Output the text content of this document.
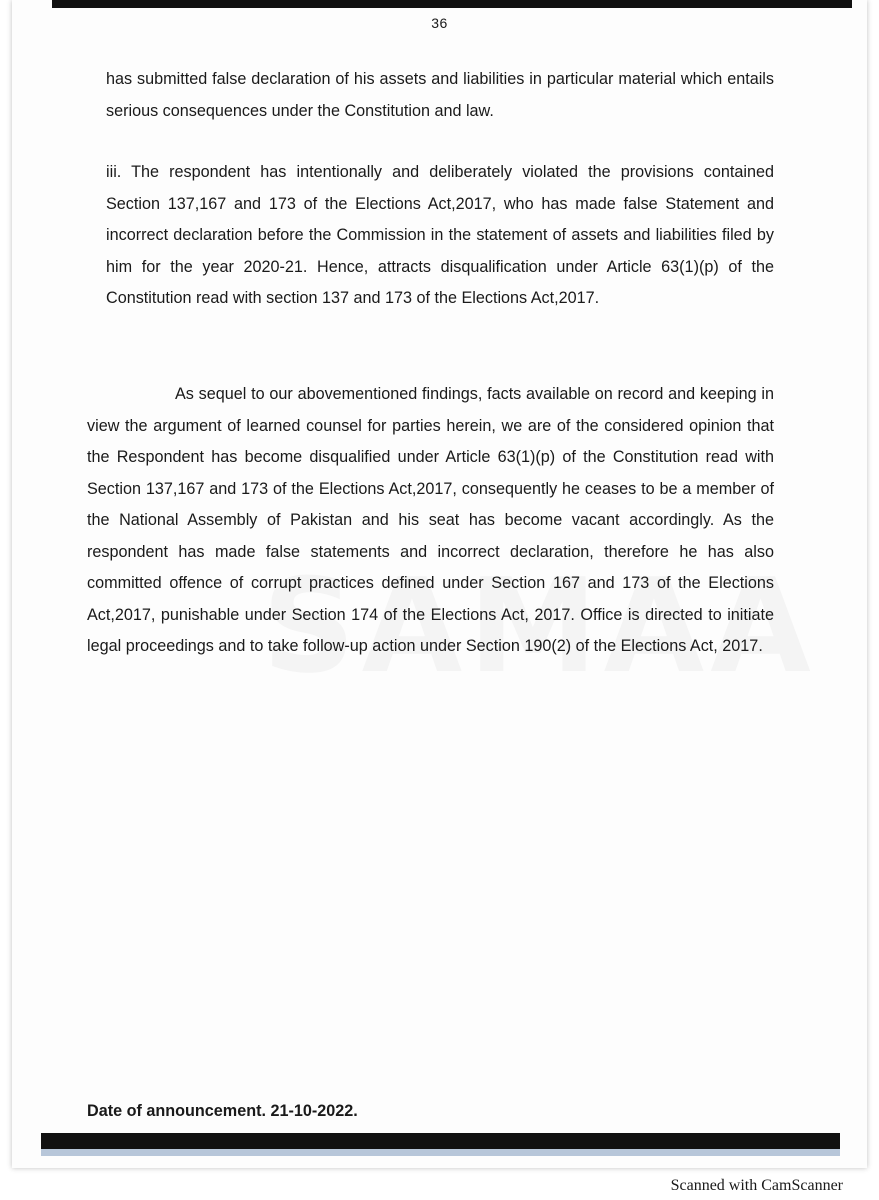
36

has submitted false declaration of his assets and liabilities in particular material which entails serious consequences under the Constitution and law.

iii. The respondent has intentionally and deliberately violated the provisions contained Section 137,167 and 173 of the Elections Act,2017, who has made false Statement and incorrect declaration before the Commission in the statement of assets and liabilities filed by him for the year 2020-21. Hence, attracts disqualification under Article 63(1)(p) of the Constitution read with section 137 and 173 of the Elections Act,2017.

As sequel to our abovementioned findings, facts available on record and keeping in view the argument of learned counsel for parties herein, we are of the considered opinion that the Respondent has become disqualified under Article 63(1)(p) of the Constitution read with Section 137,167 and 173 of the Elections Act,2017, consequently he ceases to be a member of the National Assembly of Pakistan and his seat has become vacant accordingly. As the respondent has made false statements and incorrect declaration, therefore he has also committed offence of corrupt practices defined under Section 167 and 173 of the Elections Act,2017, punishable under Section 174 of the Elections Act, 2017. Office is directed to initiate legal proceedings and to take follow-up action under Section 190(2) of the Elections Act, 2017.

Date of announcement. 21-10-2022.
Scanned with CamScanner
